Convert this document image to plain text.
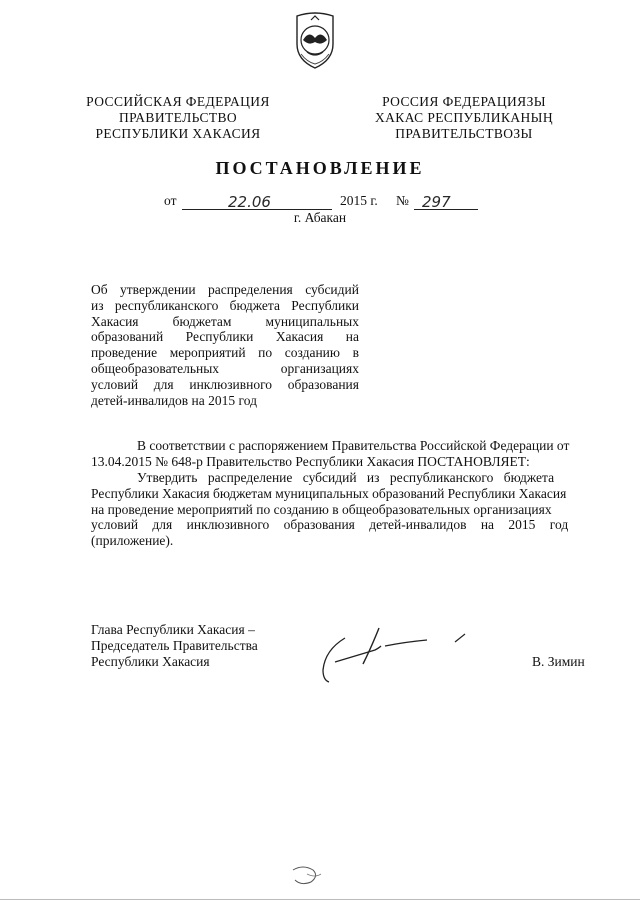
РОССИЙСКАЯ ФЕДЕРАЦИЯ
ПРАВИТЕЛЬСТВО
РЕСПУБЛИКИ ХАКАСИЯ
РОССИЯ ФЕДЕРАЦИЯЗЫ
ХАКАС РЕСПУБЛИКАНЫҢ
ПРАВИТЕЛЬСТВОЗЫ
ПОСТАНОВЛЕНИЕ
от	22.06	2015 г. № 297
г. Абакан
Об утверждении распределения субсидий
из республиканского бюджета Республики
Хакасия	бюджетам	муниципальных
образований Республики Хакасия на
проведение мероприятий по созданию в
общеобразовательных	организациях
условий для инклюзивного образования
детей-инвалидов на 2015 год
В соответствии с распоряжением Правительства Российской Федерации от
13.04.2015 № 648-р Правительство Республики Хакасия ПОСТАНОВЛЯЕТ:
Утвердить распределение субсидий из республиканского бюджета
Республики Хакасия бюджетам муниципальных образований Республики Хакасия
на проведение мероприятий по созданию в общеобразовательных организациях
условий для инклюзивного образования детей-инвалидов на 2015 год
(приложение).
Глава Республики Хакасия –
Председатель Правительства
Республики Хакасия	В. Зимин
